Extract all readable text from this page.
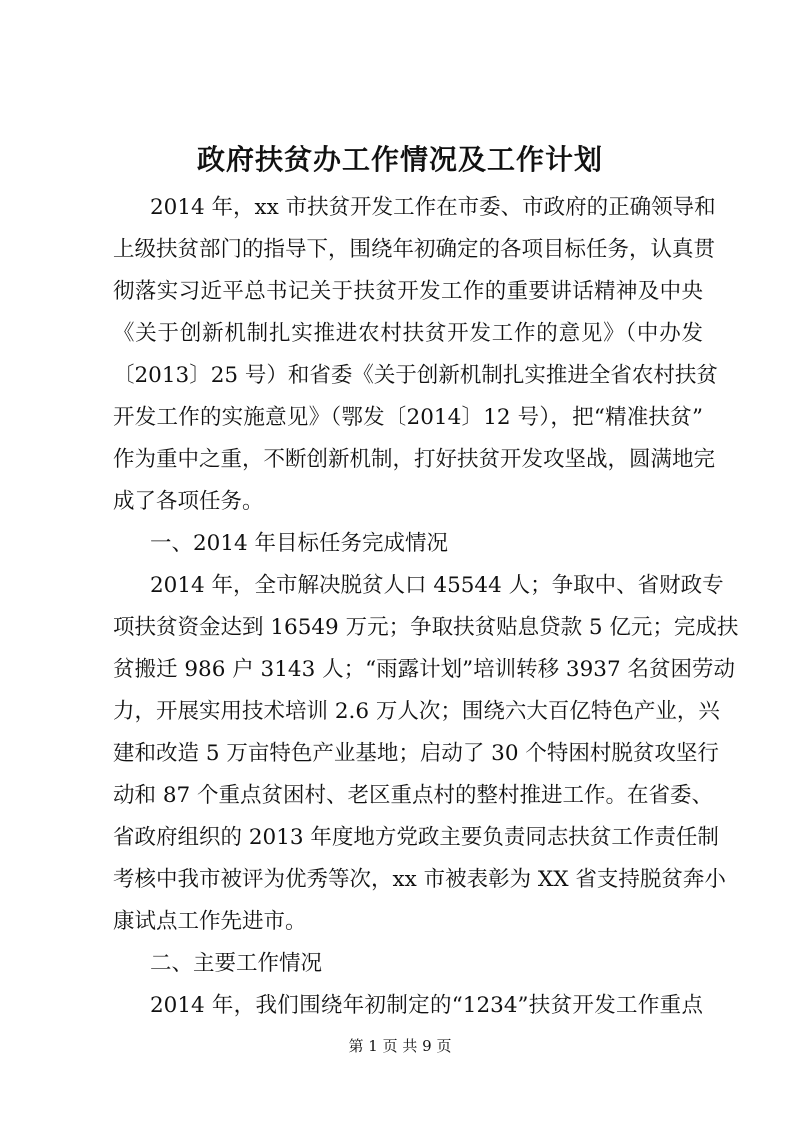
政府扶贫办工作情况及工作计划
2014 年，xx 市扶贫开发工作在市委、市政府的正确领导和
上级扶贫部门的指导下，围绕年初确定的各项目标任务，认真贯
彻落实习近平总书记关于扶贫开发工作的重要讲话精神及中央
《关于创新机制扎实推进农村扶贫开发工作的意见》（中办发
〔2013〕25 号）和省委《关于创新机制扎实推进全省农村扶贫
开发工作的实施意见》（鄂发〔2014〕12 号），把“精准扶贫”
作为重中之重，不断创新机制，打好扶贫开发攻坚战，圆满地完
成了各项任务。
一、2014 年目标任务完成情况
2014 年，全市解决脱贫人口 45544 人；争取中、省财政专
项扶贫资金达到 16549 万元；争取扶贫贴息贷款 5 亿元；完成扶
贫搬迁 986 户 3143 人；“雨露计划”培训转移 3937 名贫困劳动
力，开展实用技术培训 2.6 万人次；围绕六大百亿特色产业，兴
建和改造 5 万亩特色产业基地；启动了 30 个特困村脱贫攻坚行
动和 87 个重点贫困村、老区重点村的整村推进工作。在省委、
省政府组织的 2013 年度地方党政主要负责同志扶贫工作责任制
考核中我市被评为优秀等次，xx 市被表彰为 XX 省支持脱贫奔小
康试点工作先进市。
二、主要工作情况
2014 年，我们围绕年初制定的“1234”扶贫开发工作重点
第 1 页 共 9 页
